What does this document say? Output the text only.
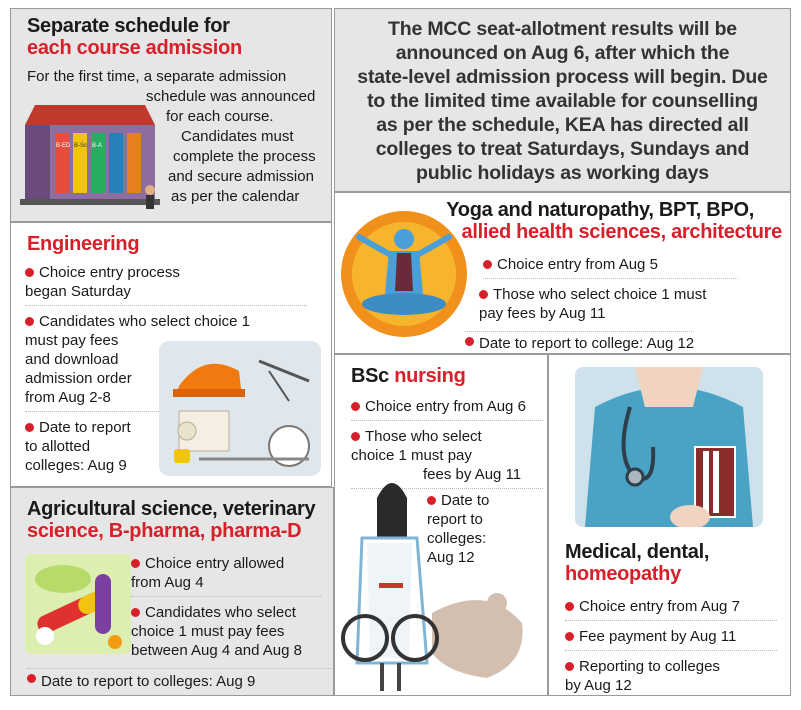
Separate schedule for
each course admission
For the first time, a separate admission
schedule was announced
for each course.
Candidates must
complete the process
and secure admission
as per the calendar
B-ED B-Sc B-A
The MCC seat-allotment results will be
announced on Aug 6, after which the
state-level admission process will begin. Due
to the limited time available for counselling
as per the schedule, KEA has directed all
colleges to treat Saturdays, Sundays and
public holidays as working days
Engineering
Choice entry process
began Saturday
Candidates who select choice 1
must pay fees
and download
admission order
from Aug 2-8
Date to report
to allotted
colleges: Aug 9
Yoga and naturopathy, BPT, BPO,
allied health sciences, architecture
Choice entry from Aug 5
Those who select choice 1 must
pay fees by Aug 11
Date to report to college: Aug 12
BSc nursing
Choice entry from Aug 6
Those who select
choice 1 must pay
fees by Aug 11
Date to
report to
colleges:
Aug 12	Medical, dental,
homeopathy
Choice entry from Aug 7
Fee payment by Aug 11
Reporting to colleges
by Aug 12
Agricultural science, veterinary
science, B-pharma, pharma-D
Choice entry allowed
from Aug 4
Candidates who select
choice 1 must pay fees
between Aug 4 and Aug 8
Date to report to colleges: Aug 9
